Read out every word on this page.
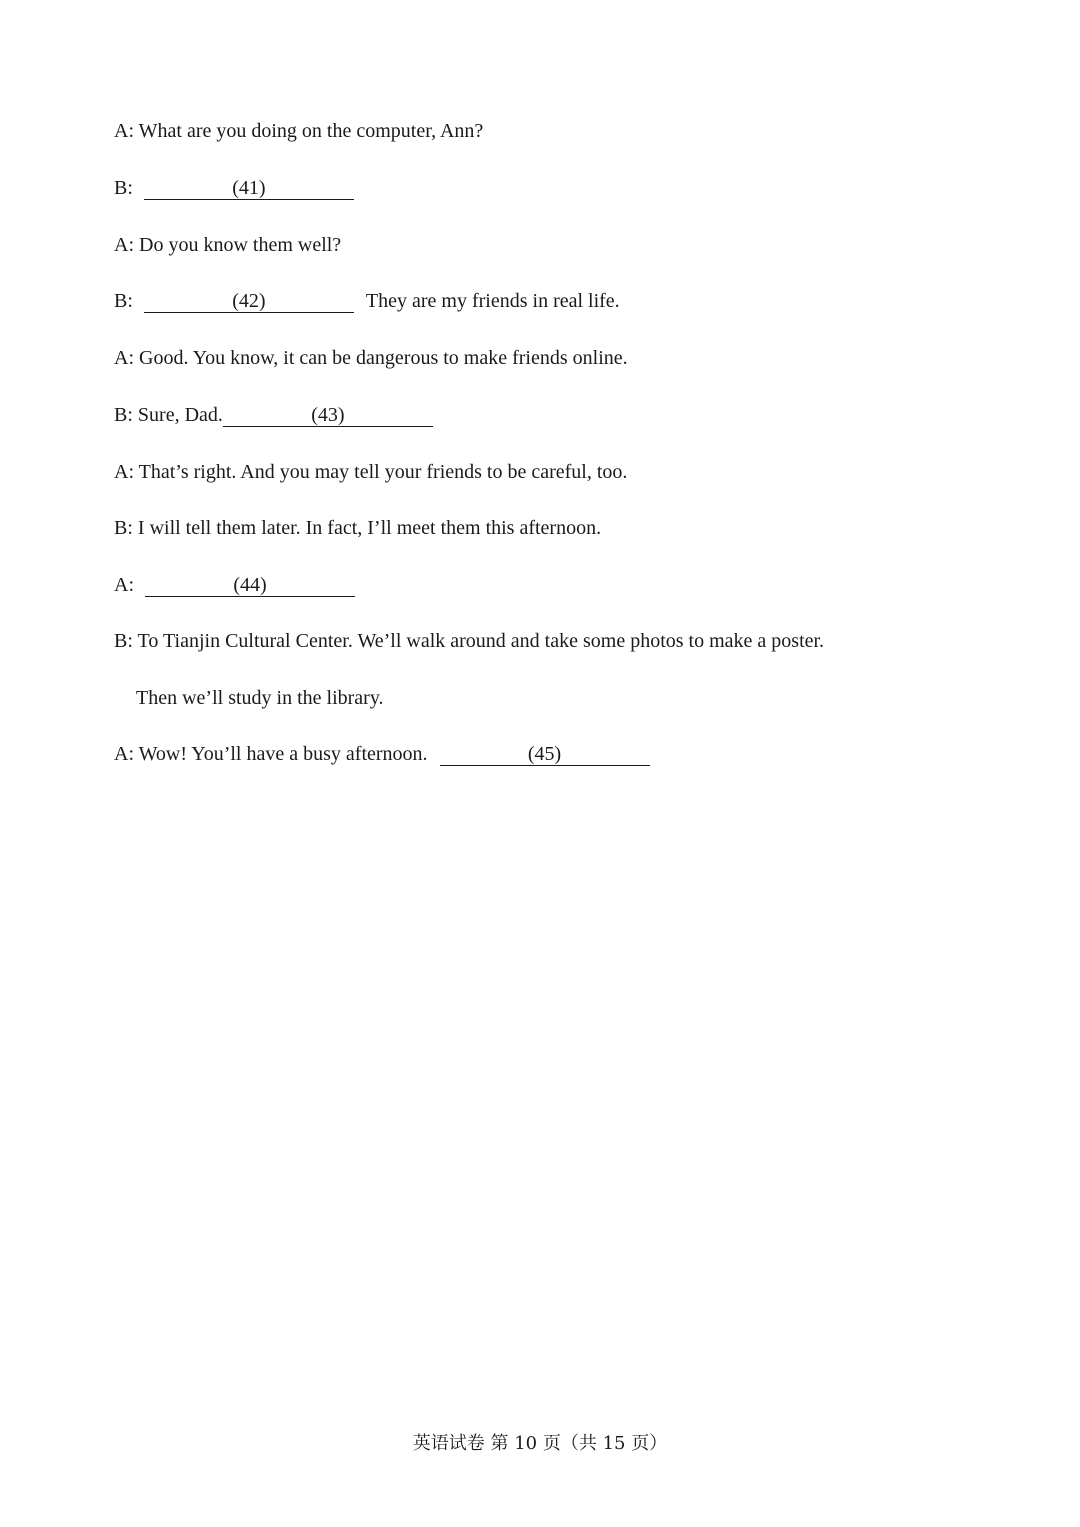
A: What are you doing on the computer, Ann?
B:	(41)
A: Do you know them well?
B:	(42)	They are my friends in real life.
A: Good. You know, it can be dangerous to make friends online.
B: Sure, Dad.	(43)
A: That’s right. And you may tell your friends to be careful, too.
B: I will tell them later. In fact, I’ll meet them this afternoon.
A:	(44)
B: To Tianjin Cultural Center. We’ll walk around and take some photos to make a poster.
Then we’ll study in the library.
A: Wow! You’ll have a busy afternoon.	(45)
英语试卷 第 10 页（共 15 页）
